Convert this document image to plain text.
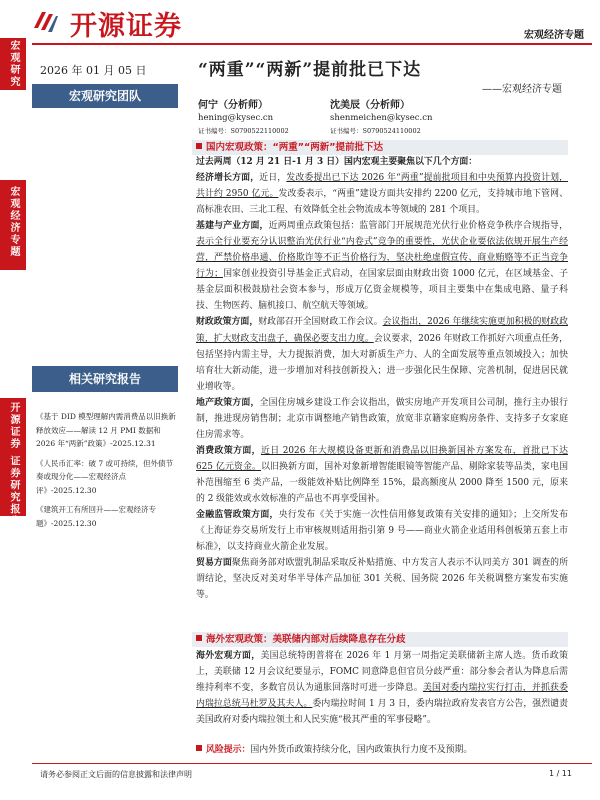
宏观研究
宏观经济专题
开源证券 证券研究报告
开源证券	宏观经济专题
2026 年 01 月 05 日
宏观研究团队
相关研究报告
《基于 DID 模型理解内需消费品以旧换新释放效应——解读 12 月 PMI 数据和 2026 年“两新”政策》-2025.12.31
《人民币汇率：破 7 或可持续，但外债节奏或现分化——宏观经济点评》-2025.12.30
《建筑开工有所回升——宏观经济专题》-2025.12.30
“两重”“两新”提前批已下达
——宏观经济专题
何宁（分析师）
hening@kysec.cn
证书编号：S0790522110002
沈美辰（分析师）
shenmeichen@kysec.cn
证书编号：S0790524110002
国内宏观政策：“两重”“两新”提前批下达

过去两周（12 月 21 日-1 月 3 日）国内宏观主要聚焦以下几个方面：

经济增长方面，近日，发改委提出已下达 2026 年“两重”提前批项目和中央预算内投资计划，共计约 2950 亿元。发改委表示，“两重”建设方面共安排约 2200 亿元，支持城市地下管网、高标准农田、三北工程、有效降低全社会物流成本等领域的 281 个项目。

基建与产业方面，近两周重点政策包括：监管部门开展规范光伏行业价格竞争秩序合规指导，表示全行业要充分认识整治光伏行业“内卷式”竞争的重要性，光伏企业要依法依规开展生产经营，严禁价格串通、价格欺诈等不正当价格行为，坚决杜绝虚假宣传、商业贿赂等不正当竞争行为；国家创业投资引导基金正式启动，在国家层面由财政出资 1000 亿元，在区域基金、子基金层面积极鼓励社会资本参与，形成万亿资金规模等，项目主要集中在集成电路、量子科技、生物医药、脑机接口、航空航天等领域。

财政政策方面，财政部召开全国财政工作会议。会议指出，2026 年继续实施更加积极的财政政策，扩大财政支出盘子，确保必要支出力度。会议要求，2026 年财政工作抓好六项重点任务，包括坚持内需主导，大力提振消费，加大对新质生产力、人的全面发展等重点领域投入；加快培育壮大新动能，进一步增加对科技创新投入；进一步强化民生保障、完善机制，促进居民就业增收等。

地产政策方面，全国住房城乡建设工作会议指出，做实房地产开发项目公司制，推行主办银行制，推进现房销售制；北京市调整地产销售政策，放宽非京籍家庭购房条件、支持多子女家庭住房需求等。

消费政策方面，近日 2026 年大规模设备更新和消费品以旧换新国补方案发布，首批已下达 625 亿元资金。以旧换新方面，国补对象新增智能眼镜等智能产品、剔除家装等品类，家电国补范围缩至 6 类产品，一级能效补贴比例降至 15%，最高额度从 2000 降至 1500 元，原来的 2 级能效或水效标准的产品也不再享受国补。

金融监管政策方面，央行发布《关于实施一次性信用修复政策有关安排的通知》；上交所发布《上海证券交易所发行上市审核规则适用指引第 9 号——商业火箭企业适用科创板第五套上市标准》，以支持商业火箭企业发展。

贸易方面聚焦商务部对欧盟乳制品采取反补贴措施、中方发言人表示不认同美方 301 调查的所谓结论，坚决反对美对华半导体产品加征 301 关税、国务院 2026 年关税调整方案发布实施等。

海外宏观政策：美联储内部对后续降息存在分歧

海外宏观方面，美国总统特朗普将在 2026 年 1 月第一周指定美联储新主席人选。货币政策上，美联储 12 月会议纪要显示，FOMC 同意降息但官员分歧严重：部分参会者认为降息后需维持利率不变，多数官员认为通胀回落时可进一步降息。美国对委内瑞拉实行打击，并抓获委内瑞拉总统马杜罗及其夫人。委内瑞拉时间 1 月 3 日，委内瑞拉政府发表官方公告，强烈谴责美国政府对委内瑞拉领土和人民实施“极其严重的军事侵略”。

风险提示：国内外货币政策持续分化，国内政策执行力度不及预期。

请务必参阅正文后面的信息披露和法律声明	1 / 11
